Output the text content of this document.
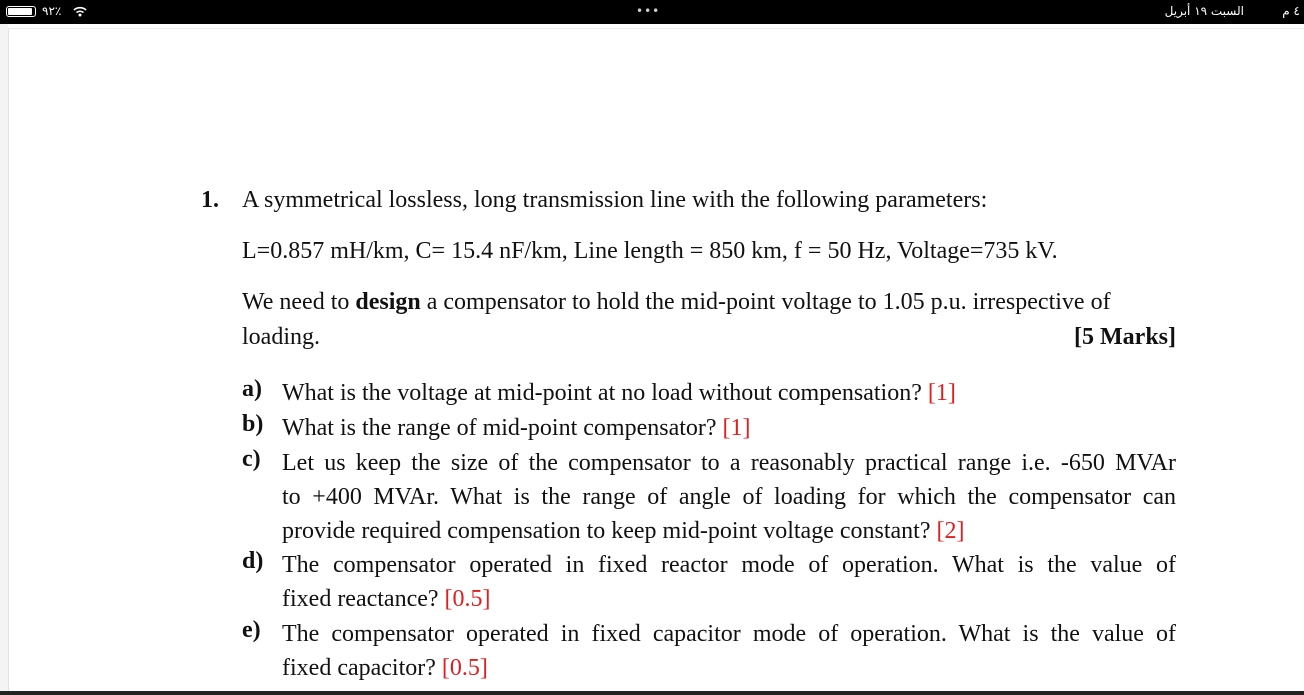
٩٢٪	•••	السبت ١٩ أبريل	٤ م
1. A symmetrical lossless, long transmission line with the following parameters:
L=0.857 mH/km, C= 15.4 nF/km, Line length = 850 km, f = 50 Hz, Voltage=735 kV.
We need to design a compensator to hold the mid-point voltage to 1.05 p.u. irrespective of
loading.	[5 Marks]
a) What is the voltage at mid-point at no load without compensation? [1]
b) What is the range of mid-point compensator? [1]
c) Let us keep the size of the compensator to a reasonably practical range i.e. -650 MVAr
to +400 MVAr. What is the range of angle of loading for which the compensator can
provide required compensation to keep mid-point voltage constant? [2]
d) The compensator operated in fixed reactor mode of operation. What is the value of
fixed reactance? [0.5]
e) The compensator operated in fixed capacitor mode of operation. What is the value of
fixed capacitor? [0.5]
